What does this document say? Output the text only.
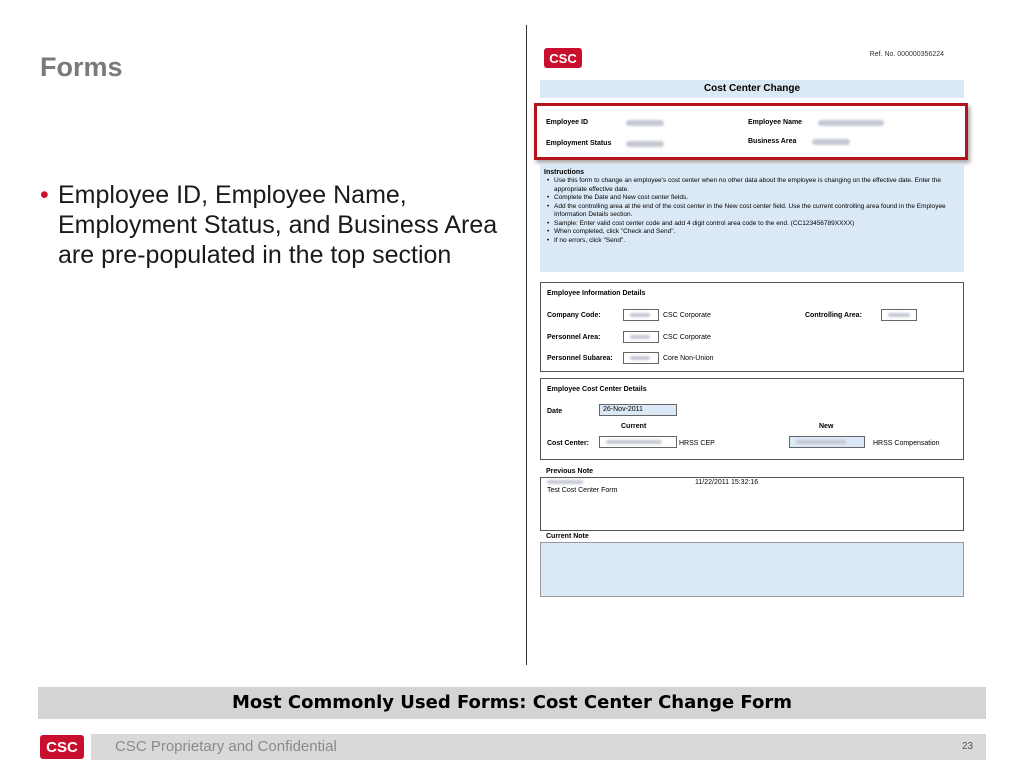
Forms
• Employee ID, Employee Name, Employment Status, and Business Area are pre-populated in the top section
CSC	Ref. No. 000000356224
Cost Center Change
Employee ID	Employee Name
Employment Status	Business Area
Instructions
• Use this form to change an employee's cost center when no other data about the employee is changing on the effective date. Enter the appropriate effective date.
• Complete the Date and New cost center fields.
• Add the controlling area at the end of the cost center in the New cost center field. Use the current controlling area found in the Employee Information Details section.
• Sample: Enter valid cost center code and add 4 digit control area code to the end. (CC123456789XXXX)
• When completed, click "Check and Send".
• If no errors, click "Send".
Employee Information Details
Company Code:	CSC Corporate	Controlling Area:
Personnel Area:	CSC Corporate
Personnel Subarea:	Core Non-Union
Employee Cost Center Details
Date	26-Nov-2011
Current	New
Cost Center:	HRSS CEP	HRSS Compensation
Previous Note
11/22/2011 15:32:16
Test Cost Center Form
Current Note
Most Commonly Used Forms: Cost Center Change Form
CSC	CSC Proprietary and Confidential	23
